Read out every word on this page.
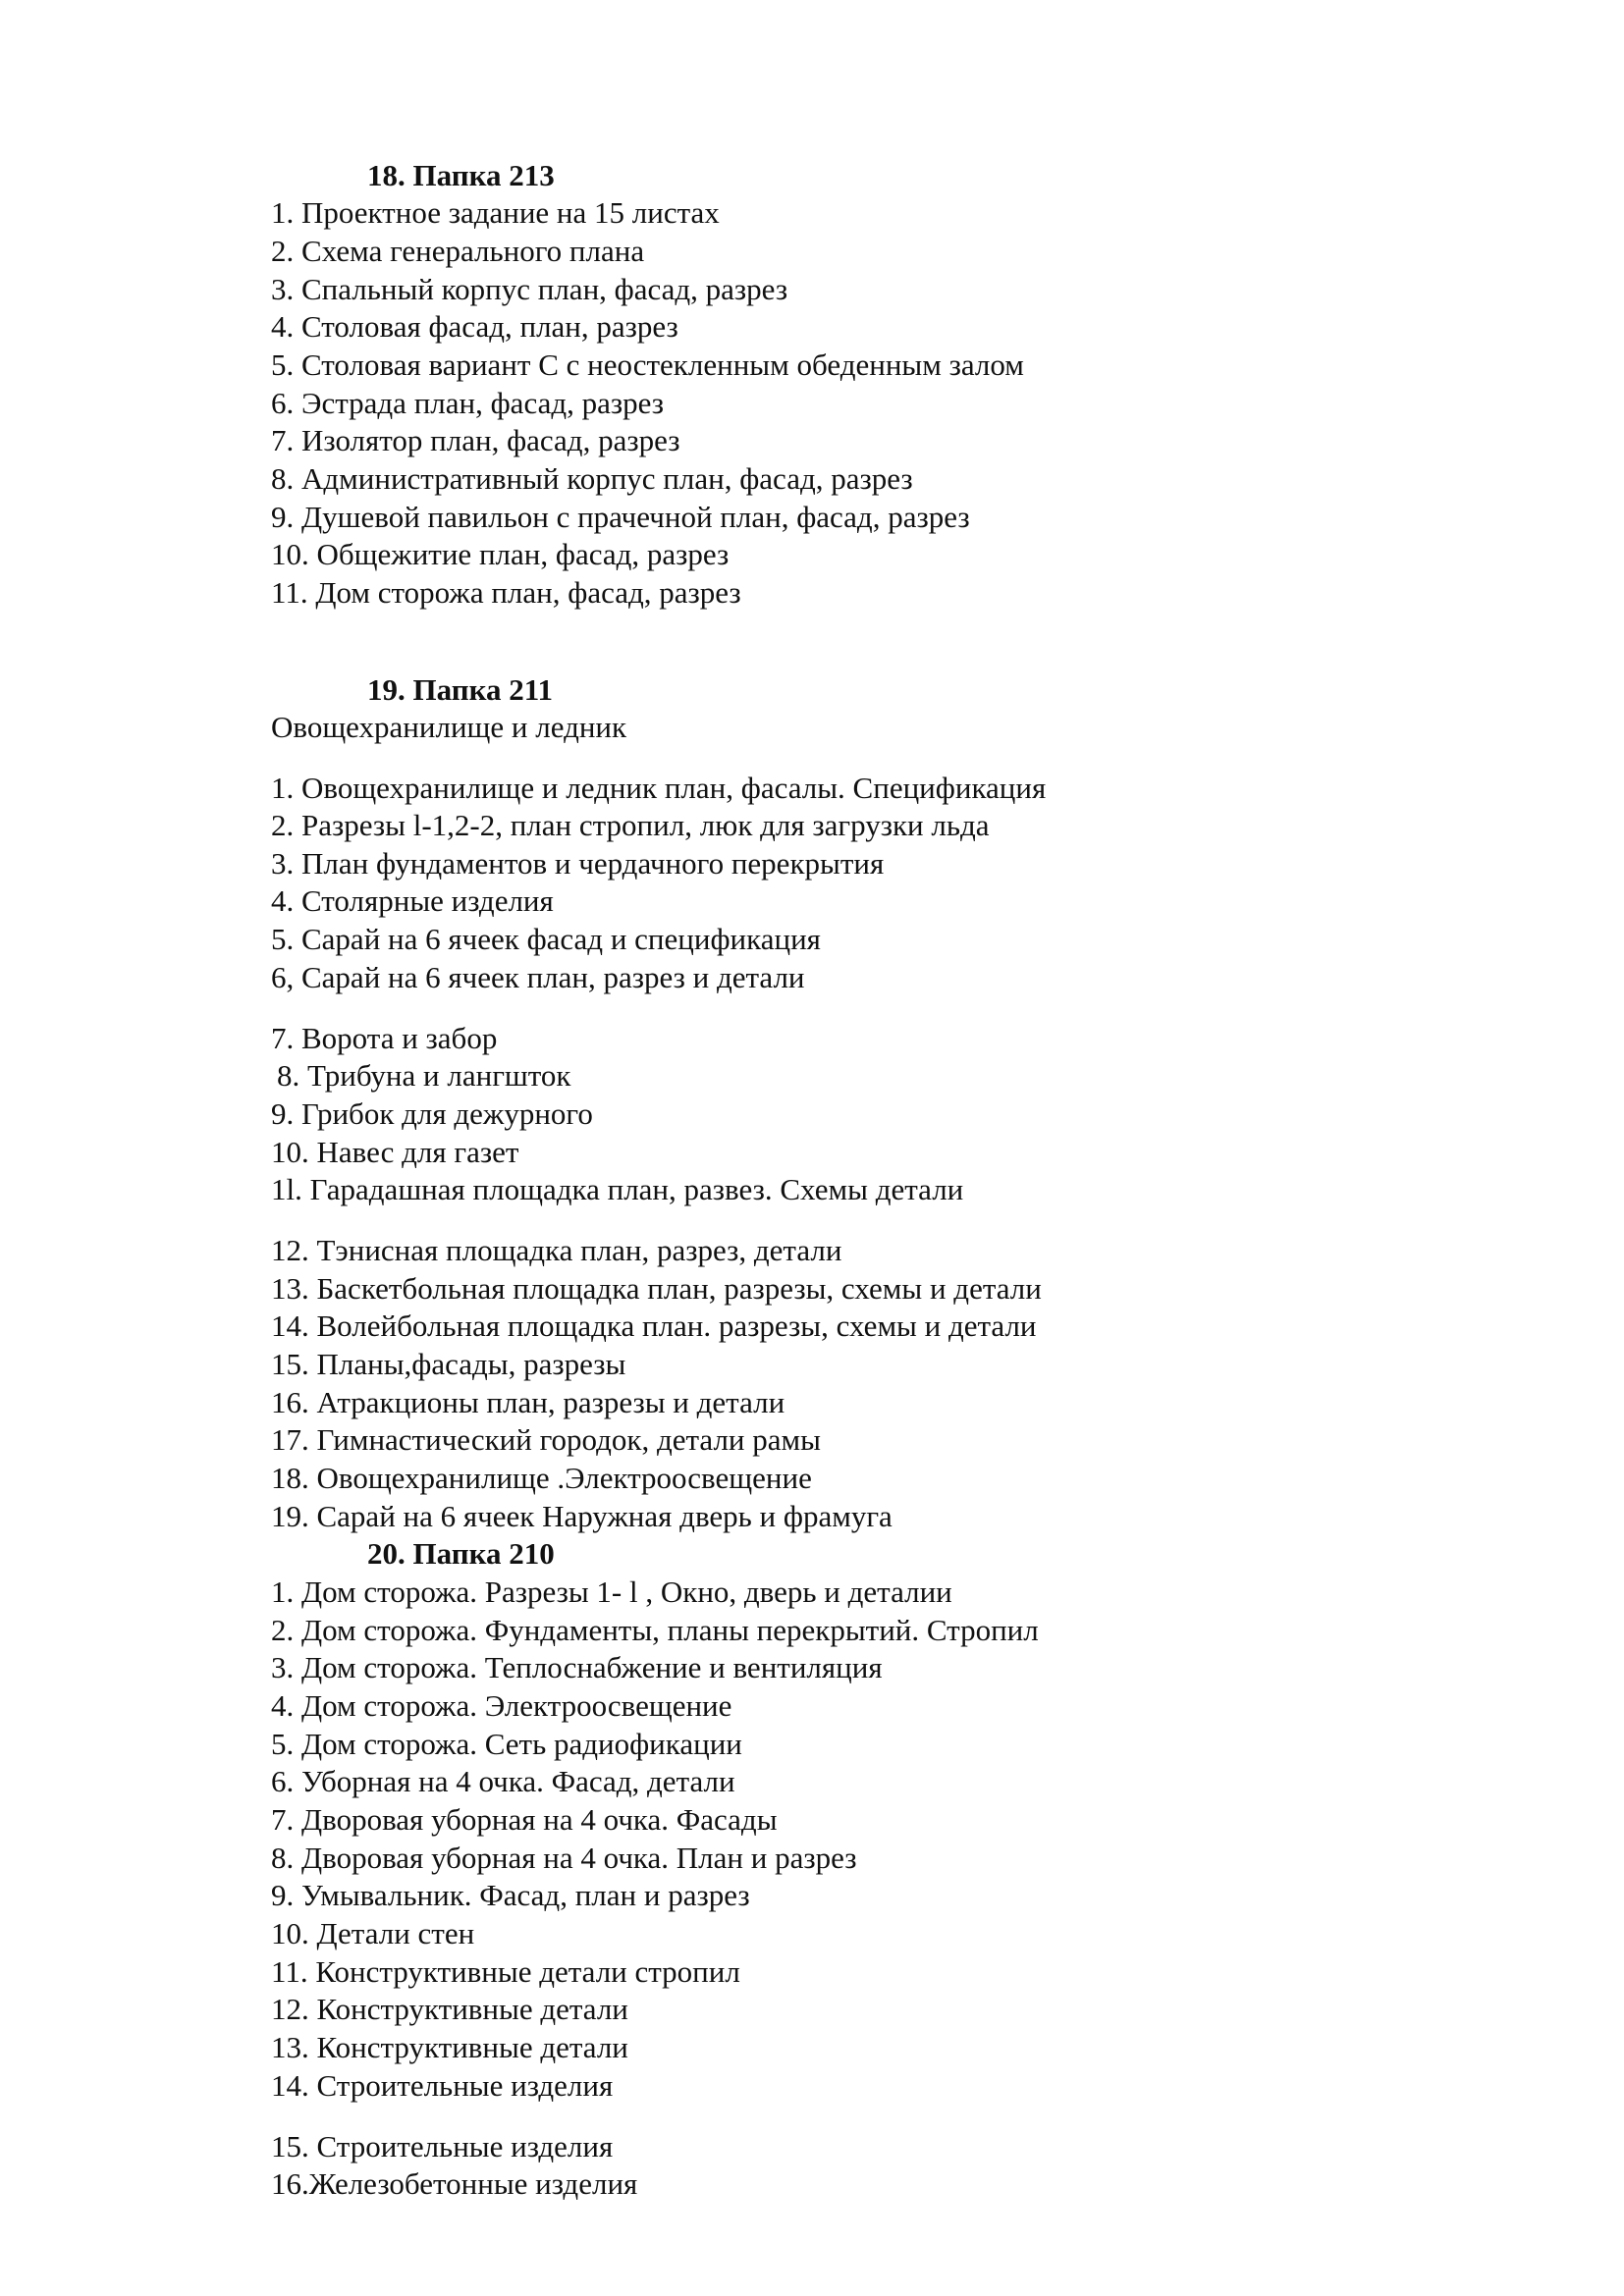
18. Папка 213
1. Проектное задание на 15 листах
2. Схема генерального плана
3. Спальный корпус план, фасад, разрез
4. Столовая фасад, план, разрез
5. Столовая вариант С с неостекленным обеденным залом
6. Эстрада план, фасад, разрез
7. Изолятор план, фасад, разрез
8. Административный корпус план, фасад, разрез
9. Душевой павильон с прачечной план, фасад, разрез
10. Общежитие план, фасад, разрез
11. Дом сторожа план, фасад, разрез
19. Папка 211
Овощехранилище и ледник
1. Овощехранилище и ледник план, фасалы. Спецификация
2. Разрезы l-1,2-2, план стропил, люк для загрузки льда
3. План фундаментов и чердачного перекрытия
4. Столярные изделия
5. Сарай на 6 ячеек фасад и спецификация
6, Сарай на 6 ячеек план, разрез и детали
7. Ворота и забор
8. Трибуна и лангшток
9. Грибок для дежурного
10. Навес для газет
1l. Гарадашная площадка план, развез. Схемы детали
12. Тэнисная площадка план, разрез, детали
13. Баскетбольная площадка план, разрезы, схемы и детали
14. Волейбольная площадка план. разрезы, схемы и детали
15. Планы,фасады, разрезы
16. Атракционы план, разрезы и детали
17. Гимнастический городок, детали рамы
18. Овощехранилище .Электроосвещение
19. Сарай на 6 ячеек Наружная дверь и фрамуга
20. Папка 210
1. Дом сторожа. Разрезы 1- l , Окно, дверь и деталии
2. Дом сторожа. Фундаменты, планы перекрытий. Стропил
3. Дом сторожа. Теплоснабжение и вентиляция
4. Дом сторожа. Электроосвещение
5. Дом сторожа. Сеть радиофикации
6. Уборная на 4 очка. Фасад, детали
7. Дворовая уборная на 4 очка. Фасады
8. Дворовая уборная на 4 очка. План и разрез
9. Умывальник. Фасад, план и разрез
10. Детали стен
11. Конструктивные детали стропил
12. Конструктивные детали
13. Конструктивные детали
14. Строительные изделия
15. Строительные изделия
16.Железобетонные изделия
